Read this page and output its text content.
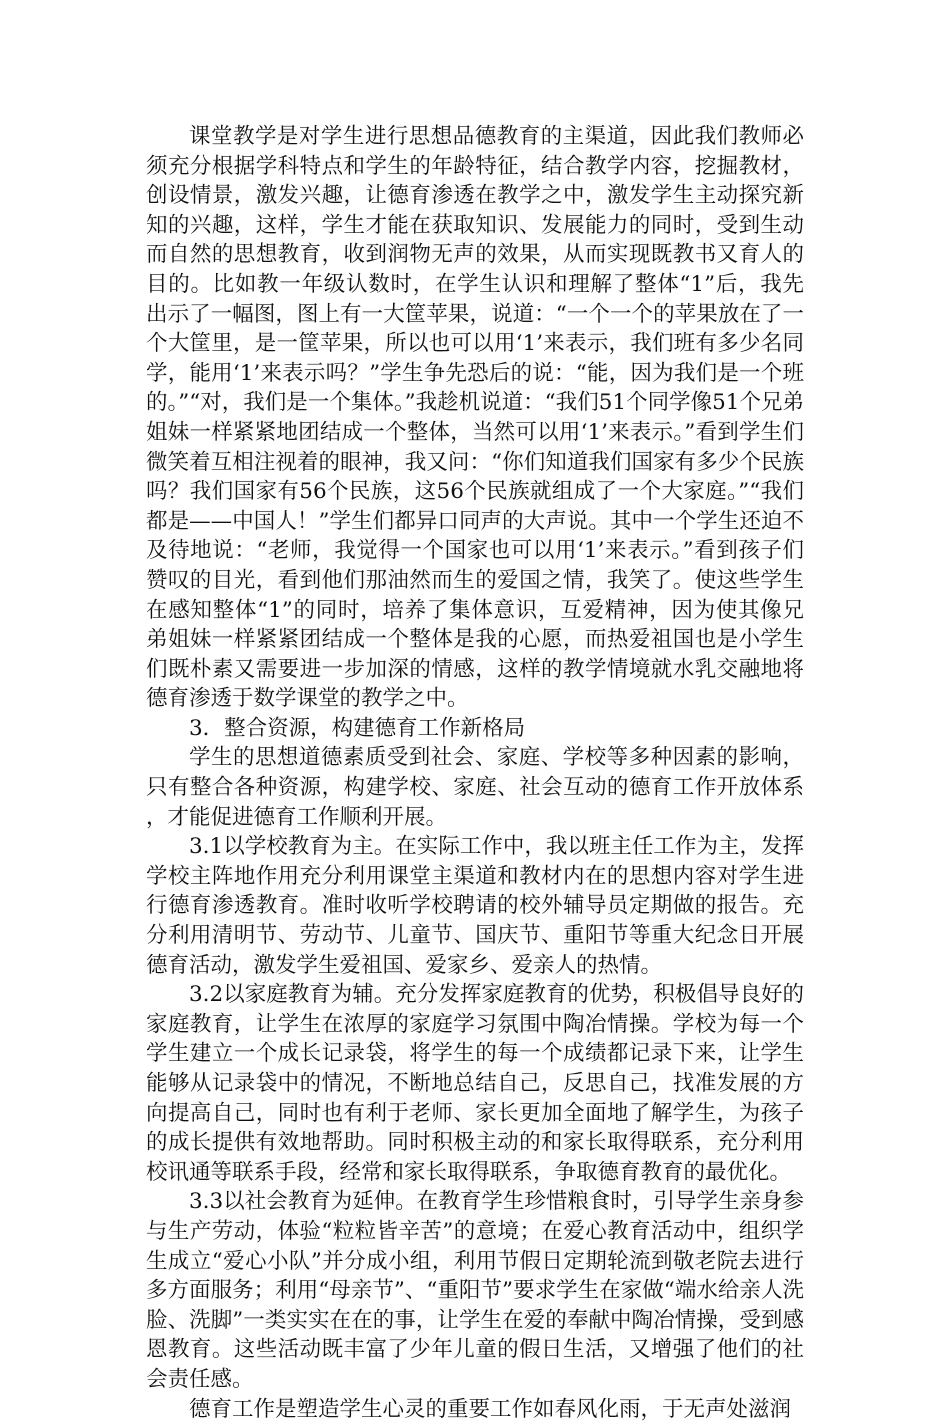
课堂教学是对学生进行思想品德教育的主渠道，因此我们教师必须充分根据学科特点和学生的年龄特征，结合教学内容，挖掘教材，创设情景，激发兴趣，让德育渗透在教学之中，激发学生主动探究新知的兴趣，这样，学生才能在获取知识、发展能力的同时，受到生动而自然的思想教育，收到润物无声的效果，从而实现既教书又育人的目的。比如教一年级认数时，在学生认识和理解了整体“1”后，我先出示了一幅图，图上有一大筐苹果，说道：“一个一个的苹果放在了一个大筐里，是一筐苹果，所以也可以用‘1’来表示，我们班有多少名同学，能用‘1’来表示吗？”学生争先恐后的说：“能，因为我们是一个班的。”“对，我们是一个集体。”我趁机说道：“我们51个同学像51个兄弟姐妹一样紧紧地团结成一个整体，当然可以用‘1’来表示。”看到学生们微笑着互相注视着的眼神，我又问：“你们知道我们国家有多少个民族吗？我们国家有56个民族，这56个民族就组成了一个大家庭。”“我们都是——中国人！”学生们都异口同声的大声说。其中一个学生还迫不及待地说：“老师，我觉得一个国家也可以用‘1’来表示。”看到孩子们赞叹的目光，看到他们那油然而生的爱国之情，我笑了。使这些学生在感知整体“1”的同时，培养了集体意识，互爱精神，因为使其像兄弟姐妹一样紧紧团结成一个整体是我的心愿，而热爱祖国也是小学生们既朴素又需要进一步加深的情感，这样的教学情境就水乳交融地将德育渗透于数学课堂的教学之中。

3．整合资源，构建德育工作新格局

学生的思想道德素质受到社会、家庭、学校等多种因素的影响，只有整合各种资源，构建学校、家庭、社会互动的德育工作开放体系，才能促进德育工作顺利开展。

3.1以学校教育为主。在实际工作中，我以班主任工作为主，发挥学校主阵地作用充分利用课堂主渠道和教材内在的思想内容对学生进行德育渗透教育。准时收听学校聘请的校外辅导员定期做的报告。充分利用清明节、劳动节、儿童节、国庆节、重阳节等重大纪念日开展德育活动，激发学生爱祖国、爱家乡、爱亲人的热情。

3.2以家庭教育为辅。充分发挥家庭教育的优势，积极倡导良好的家庭教育，让学生在浓厚的家庭学习氛围中陶冶情操。学校为每一个学生建立一个成长记录袋，将学生的每一个成绩都记录下来，让学生能够从记录袋中的情况，不断地总结自己，反思自己，找准发展的方向提高自己，同时也有利于老师、家长更加全面地了解学生，为孩子的成长提供有效地帮助。同时积极主动的和家长取得联系，充分利用校讯通等联系手段，经常和家长取得联系，争取德育教育的最优化。

3.3以社会教育为延伸。在教育学生珍惜粮食时，引导学生亲身参与生产劳动，体验“粒粒皆辛苦”的意境；在爱心教育活动中，组织学生成立“爱心小队”并分成小组，利用节假日定期轮流到敬老院去进行多方面服务；利用“母亲节”、“重阳节”要求学生在家做“端水给亲人洗脸、洗脚”一类实实在在的事，让学生在爱的奉献中陶冶情操，受到感恩教育。这些活动既丰富了少年儿童的假日生活，又增强了他们的社会责任感。

德育工作是塑造学生心灵的重要工作如春风化雨，于无声处滋润
